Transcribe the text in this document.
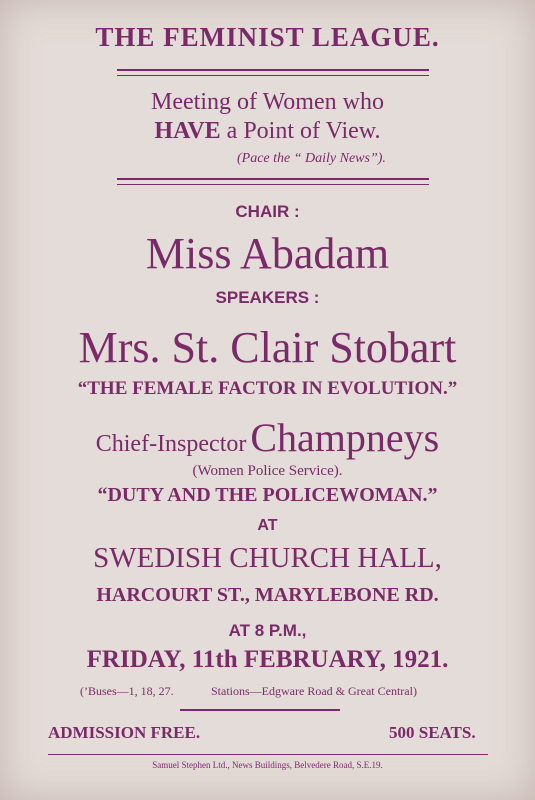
THE FEMINIST LEAGUE.
Meeting of Women who
HAVE a Point of View.
(Pace the “ Daily News”).
CHAIR :
Miss Abadam
SPEAKERS :
Mrs. St. Clair Stobart
“THE FEMALE FACTOR IN EVOLUTION.”
Chief-Inspector Champneys
(Women Police Service).
“DUTY AND THE POLICEWOMAN.”
AT
SWEDISH CHURCH HALL,
HARCOURT ST., MARYLEBONE RD.
AT 8 P.M.,
FRIDAY, 11th FEBRUARY, 1921.
(’Buses—1, 18, 27.	Stations—Edgware Road & Great Central)
ADMISSION FREE.	500 SEATS.
Samuel Stephen Ltd., News Buildings, Belvedere Road, S.E.19.
